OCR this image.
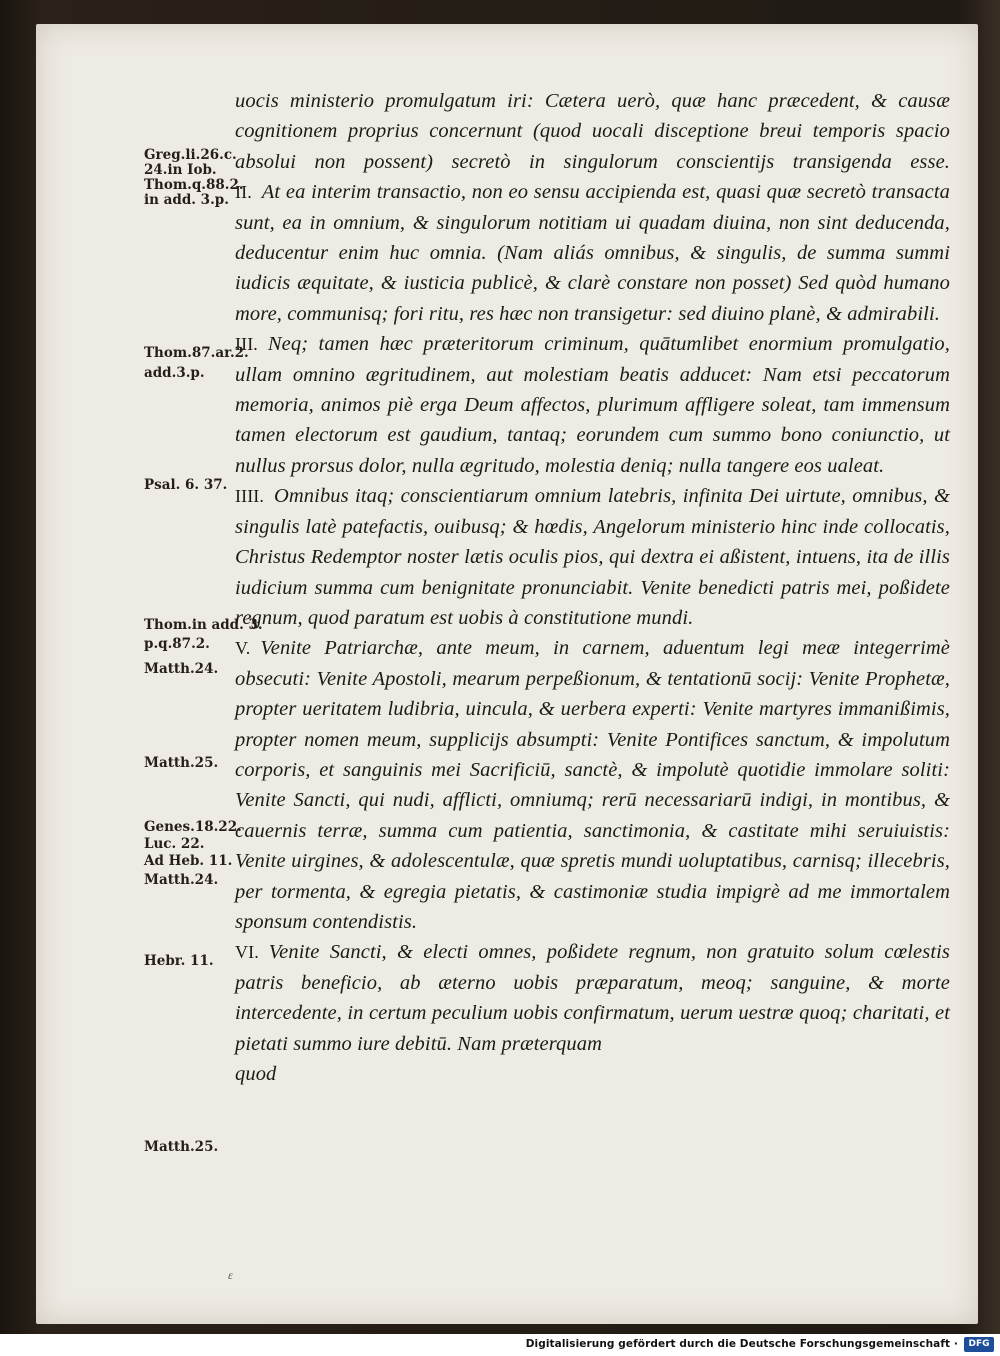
Greg.li.26.c.
24.in Iob.
Thom.q.88.2.
in add. 3.p.
Thom.87.ar.2.
add.3.p.
Psal. 6. 37.
Thom.in add. 3.
p.q.87.2.
Matth.24.
Matth.25.
Genes.18.22.
Luc. 22.
Ad Heb. 11.
Matth.24.
Hebr. 11.
Matth.25.

uocis ministerio promulgatum iri: Cætera uerò, quæ hanc præcedent, & causæ cognitionem proprius concernunt (quod uocali disceptione breui temporis spacio absolui non possent) secretò in singulorum conscientijs transigenda esse.

II. At ea interim transactio, non eo sensu accipienda est, quasi quæ secretò transacta sunt, ea in omnium, & singulorum notitiam ui quadam diuina, non sint deducenda, deducentur enim huc omnia. (Nam aliás omnibus, & singulis, de summa summi iudicis æquitate, & iusticia publicè, & clarè constare non posset) Sed quòd humano more, communisq; fori ritu, res hæc non transigetur: sed diuino planè, & admirabili.

III. Neq; tamen hæc præteritorum criminum, quātumlibet enormium promulgatio, ullam omnino ægritudinem, aut molestiam beatis adducet: Nam etsi peccatorum memoria, animos piè erga Deum affectos, plurimum affligere soleat, tam immensum tamen electorum est gaudium, tantaq; eorundem cum summo bono coniunctio, ut nullus prorsus dolor, nulla ægritudo, molestia deniq; nulla tangere eos ualeat.

IIII. Omnibus itaq; conscientiarum omnium latebris, infinita Dei uirtute, omnibus, & singulis latè patefactis, ouibusq; & hœdis, Angelorum ministerio hinc inde collocatis, Christus Redemptor noster lætis oculis pios, qui dextra ei aßistent, intuens, ita de illis iudicium summa cum benignitate pronunciabit. Venite benedicti patris mei, poßidete regnum, quod paratum est uobis à constitutione mundi.

V. Venite Patriarchæ, ante meum, in carnem, aduentum legi meæ integerrimè obsecuti: Venite Apostoli, mearum perpeßionum, & tentationū socij: Venite Prophetæ, propter ueritatem ludibria, uincula, & uerbera experti: Venite martyres immanißimis, propter nomen meum, supplicijs absumpti: Venite Pontifices sanctum, & impolutum corporis, et sanguinis mei Sacrificiū, sanctè, & impolutè quotidie immolare soliti: Venite Sancti, qui nudi, afflicti, omniumq; rerū necessariarū indigi, in montibus, & cauernis terræ, summa cum patientia, sanctimonia, & castitate mihi seruiuistis: Venite uirgines, & adolescentulæ, quæ spretis mundi uoluptatibus, carnisq; illecebris, per tormenta, & egregia pietatis, & castimoniæ studia impigrè ad me immortalem sponsum contendistis.

VI. Venite Sancti, & electi omnes, poßidete regnum, non gratuito solum cœlestis patris beneficio, ab æterno uobis præparatum, meoq; sanguine, & morte intercedente, in certum peculium uobis confirmatum, uerum uestræ quoq; charitati, et pietati summo iure debitū. Nam præterquam

quod

ε
Digitalisierung gefördert durch die Deutsche Forschungsgemeinschaft ·	DFG
